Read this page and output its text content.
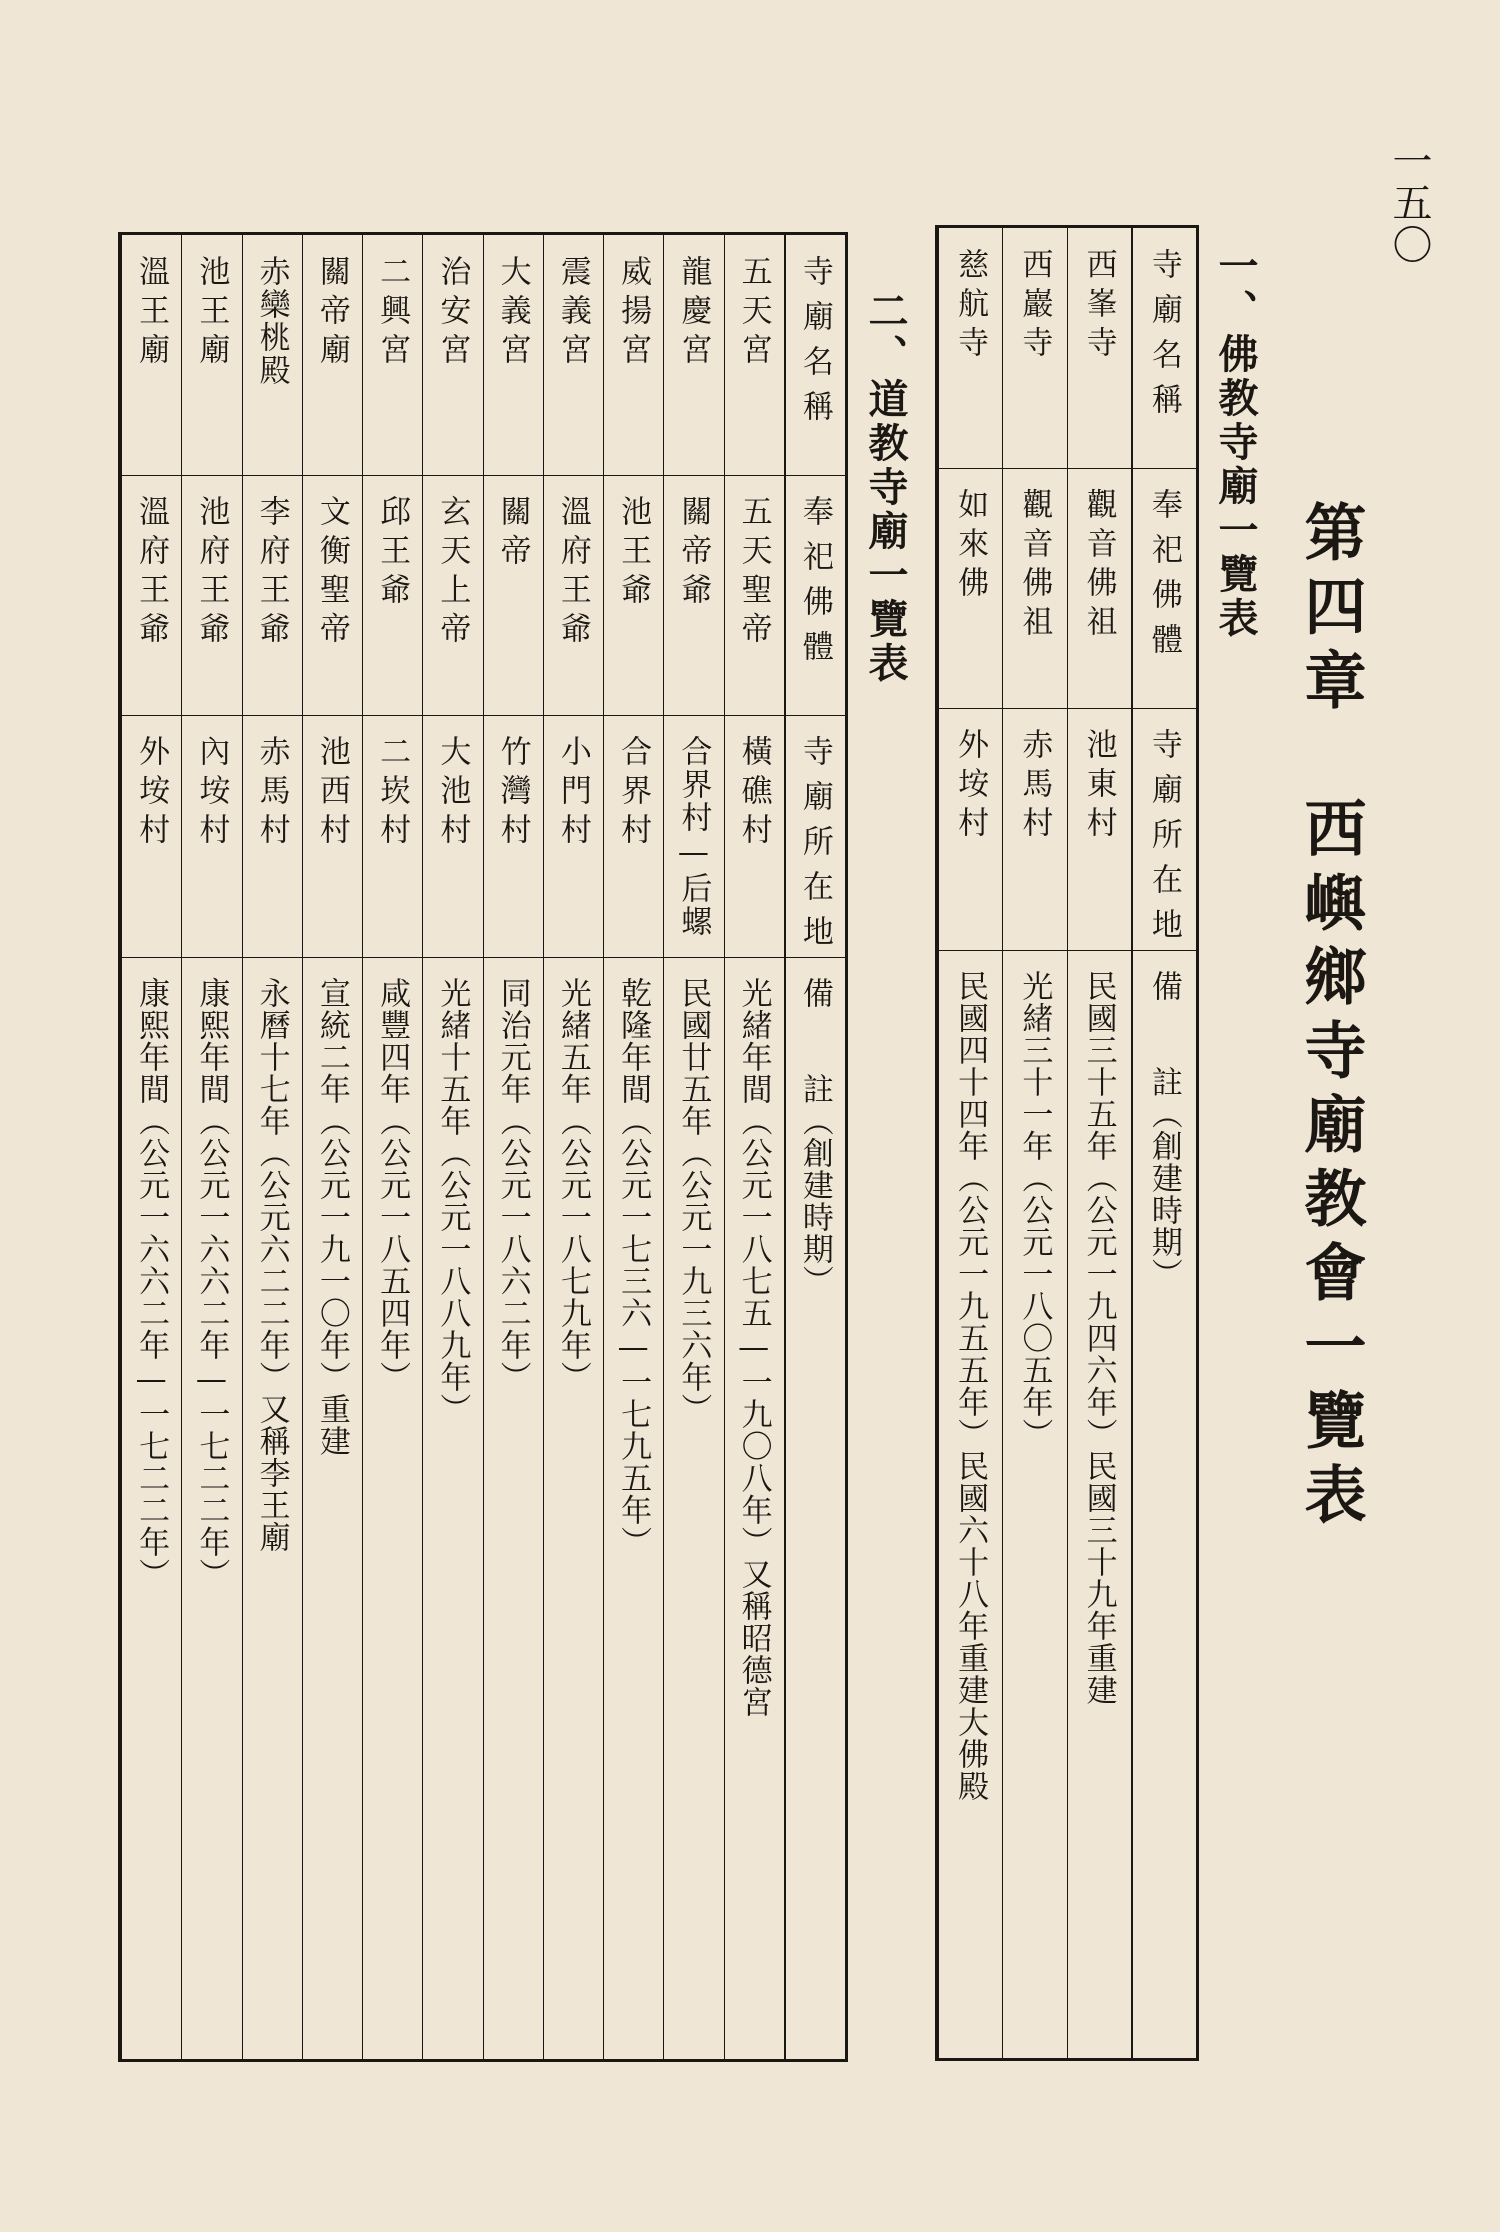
一五〇
第四章　西嶼鄉寺廟教會一覽表
一、佛教寺廟一覽表
寺廟名稱
奉祀佛體
寺廟所在地
備　　註（創建時期）
西峯寺
觀音佛祖
池東村
民國三十五年（公元一九四六年）民國三十九年重建
西巖寺
觀音佛祖
赤馬村
光緒三十一年（公元一八〇五年）
慈航寺
如來佛
外垵村
民國四十四年（公元一九五五年）民國六十八年重建大佛殿
二、道教寺廟一覽表
寺廟名稱
奉祀佛體
寺廟所在地
備　　註（創建時期）
五天宮
五天聖帝
橫礁村
光緒年間（公元一八七五—一九〇八年）又稱昭德宮
龍慶宮
關帝爺
合界村—后螺
民國廿五年（公元一九三六年）
威揚宮
池王爺
合界村
乾隆年間（公元一七三六—一七九五年）
震義宮
溫府王爺
小門村
光緒五年（公元一八七九年）
大義宮
關帝
竹灣村
同治元年（公元一八六二年）
治安宮
玄天上帝
大池村
光緒十五年（公元一八八九年）
二興宮
邱王爺
二崁村
咸豐四年（公元一八五四年）
關帝廟
文衡聖帝
池西村
宣統二年（公元一九一〇年）重建
赤欒桃殿
李府王爺
赤馬村
永曆十七年（公元六二二年）又稱李王廟
池王廟
池府王爺
內垵村
康熙年間（公元一六六二年—一七二二年）
溫王廟
溫府王爺
外垵村
康熙年間（公元一六六二年—一七二二年）
